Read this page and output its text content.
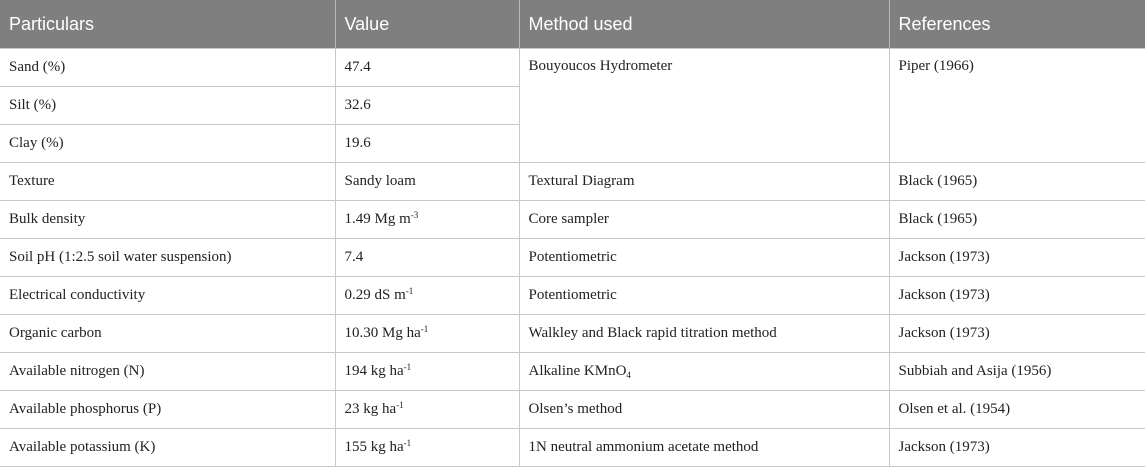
Particulars	Value	Method used	References
Sand (%)	47.4	Bouyoucos Hydrometer	Piper (1966)
Silt (%)	32.6		
Clay (%)	19.6		
Texture	Sandy loam	Textural Diagram	Black (1965)
Bulk density	1.49 Mg $m^{-3}$	Core sampler	Black (1965)
Soil pH (1:2.5 soil water suspension)	7.4	Potentiometric	Jackson (1973)
Electrical conductivity	0.29 dS $m^{-1}$	Potentiometric	Jackson (1973)
Organic carbon	10.30 Mg $ha^{-1}$	Walkley and Black rapid titration method	Jackson (1973)
Available nitrogen (N)	194 kg $ha^{-1}$	Alkaline KMnO$_4$	Subbiah and Asija (1956)
Available phosphorus (P)	23 kg $ha^{-1}$	Olsen’s method	Olsen et al. (1954)
Available potassium (K)	155 kg $ha^{-1}$	1N neutral ammonium acetate method	Jackson (1973)
